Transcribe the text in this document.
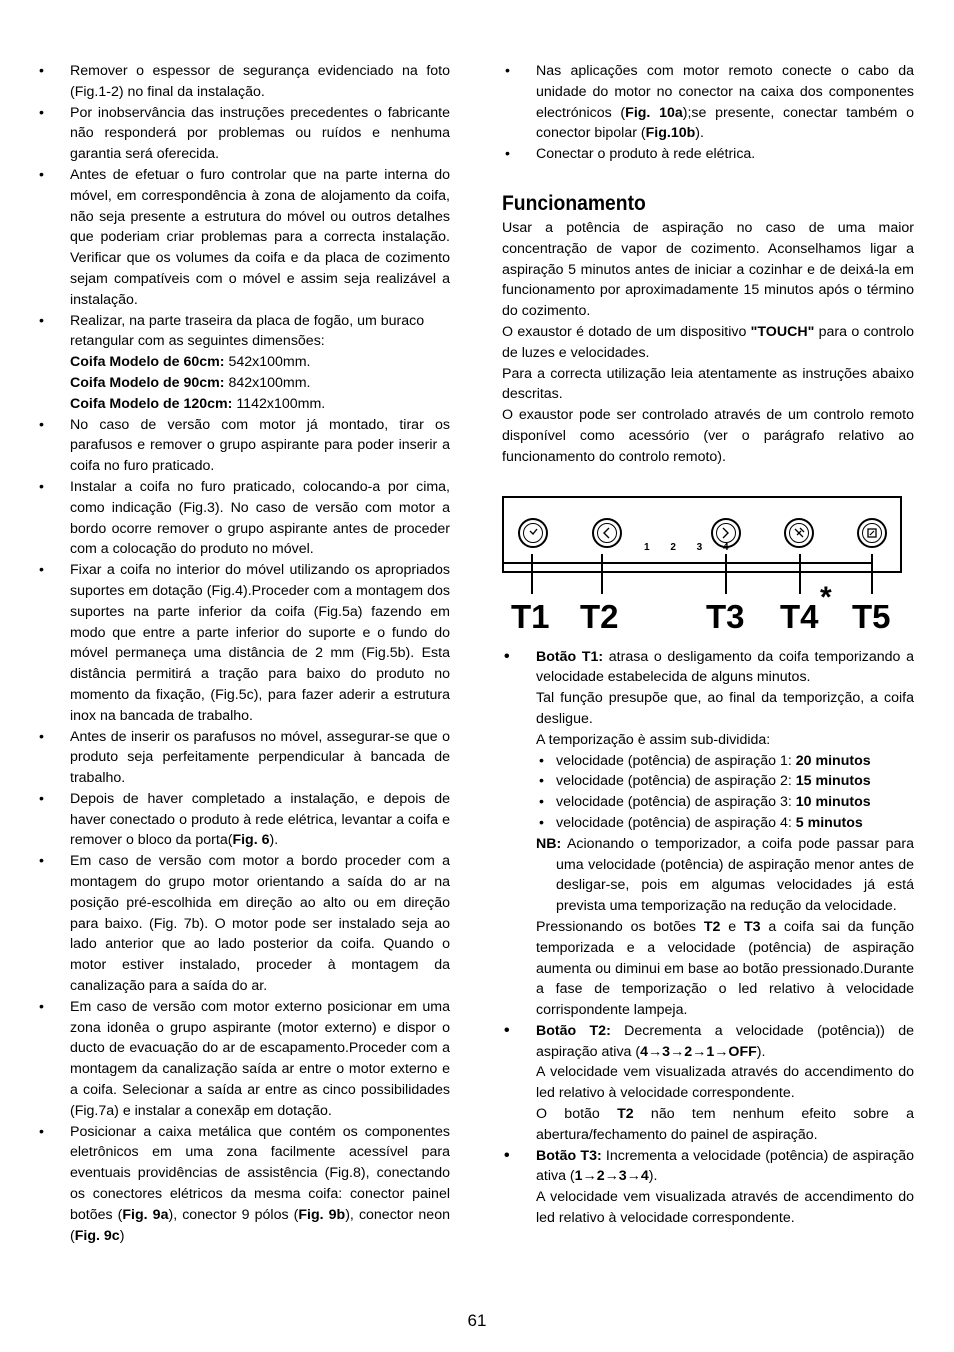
• Remover o espessor de segurança evidenciado na foto (Fig.1-2) no final da instalação.
• Por inobservância das instruções precedentes o fabricante não responderá por problemas ou ruídos e nenhuma garantia será oferecida.
• Antes de efetuar o furo controlar que na parte interna do móvel, em correspondência à zona de alojamento da coifa, não seja presente a estrutura do móvel ou outros detalhes que poderiam criar problemas para a correcta instalação. Verificar que os volumes da coifa e da placa de cozimento sejam compatíveis com o móvel e assim seja realizável a instalação.
• Realizar, na parte traseira da placa de fogão, um buraco retangular com as seguintes dimensões:
Coifa Modelo de 60cm: 542x100mm.
Coifa Modelo de 90cm: 842x100mm.
Coifa Modelo de 120cm: 1142x100mm.
• No caso de versão com motor já montado, tirar os parafusos e remover o grupo aspirante para poder inserir a coifa no furo praticado.
• Instalar a coifa no furo praticado, colocando-a por cima, como indicação (Fig.3). No caso de versão com motor a bordo ocorre remover o grupo aspirante antes de proceder com a colocação do produto no móvel.
• Fixar a coifa no interior do móvel utilizando os apropriados suportes em dotação (Fig.4).Proceder com a montagem dos suportes na parte inferior da coifa (Fig.5a) fazendo em modo que entre a parte inferior do suporte e o fundo do móvel permaneça uma distância de 2 mm (Fig.5b). Esta distância permitirá a tração para baixo do produto no momento da fixação, (Fig.5c), para fazer aderir a estrutura inox na bancada de trabalho.
• Antes de inserir os parafusos no móvel, assegurar-se que o produto seja perfeitamente perpendicular à bancada de trabalho.
• Depois de haver completado a instalação, e depois de haver conectado o produto à rede elétrica, levantar a coifa e remover o bloco da porta(Fig. 6).
• Em caso de versão com motor a bordo proceder com a montagem do grupo motor orientando a saída do ar na posição pré-escolhida em direção ao alto ou em direção para baixo. (Fig. 7b). O motor pode ser instalado seja ao lado anterior que ao lado posterior da coifa. Quando o motor estiver instalado, proceder à montagem da canalização para a saída do ar.
• Em caso de versão com motor externo posicionar em uma zona idonêa o grupo aspirante (motor externo) e dispor o ducto de evacuação do ar de escapamento.Proceder com a montagem da canalização saída ar entre o motor externo e a coifa. Selecionar a saída ar entre as cinco possibilidades (Fig.7a) e instalar a conexãp em dotação.
• Posicionar a caixa metálica que contém os componentes eletrônicos em uma zona facilmente acessível para eventuais providências de assistência (Fig.8), conectando os conectores elétricos da mesma coifa: conector painel botões (Fig. 9a), conector 9 pólos (Fig. 9b), conector neon (Fig. 9c)
• Nas aplicações com motor remoto conecte o cabo da unidade do motor no conector na caixa dos componentes electrónicos (Fig. 10a);se presente, conectar também o conector bipolar (Fig.10b).
• Conectar o produto à rede elétrica.
Funcionamento
Usar a potência de aspiração no caso de uma maior concentração de vapor de cozimento. Aconselhamos ligar a aspiração 5 minutos antes de iniciar a cozinhar e de deixá-la em funcionamento por aproximadamente 15 minutos após o término do cozimento.
O exaustor é dotado de um dispositivo "TOUCH" para o controlo de luzes e velocidades.
Para a correcta utilização leia atentamente as instruções abaixo descritas.
O exaustor pode ser controlado através de um controlo remoto disponível como acessório (ver o parágrafo relativo ao funcionamento do controlo remoto).
1 2 3 4
T1 T2	T3 T4
*
T5
• Botão T1: atrasa o desligamento da coifa temporizando a velocidade estabelecida de alguns minutos.
Tal função presupõe que, ao final da temporizção, a coifa desligue.
A temporização è assim sub-dividida:
• velocidade (potência) de aspiração 1: 20 minutos
• velocidade (potência) de aspiração 2: 15 minutos
• velocidade (potência) de aspiração 3: 10 minutos
• velocidade (potência) de aspiração 4: 5 minutos
NB: Acionando o temporizador, a coifa pode passar para uma velocidade (potência) de aspiração menor antes de desligar-se, pois em algumas velocidades já está prevista uma temporização na redução da velocidade.
Pressionando os botões T2 e T3 a coifa sai da função temporizada e a velocidade (potência) de aspiração aumenta ou diminui em base ao botão pressionado.Durante a fase de temporização o led relativo à velocidade corrispondente lampeja.
• Botão T2: Decrementa a velocidade (potência)) de aspiração ativa (4→3→2→1→OFF).
A velocidade vem visualizada através do accendimento do led relativo à velocidade correspondente.
O botão T2 não tem nenhum efeito sobre a abertura/fechamento do painel de aspiração.
• Botão T3: Incrementa a velocidade (potência) de aspiração ativa (1→2→3→4).
A velocidade vem visualizada através de accendimento do led relativo à velocidade correspondente.
61
